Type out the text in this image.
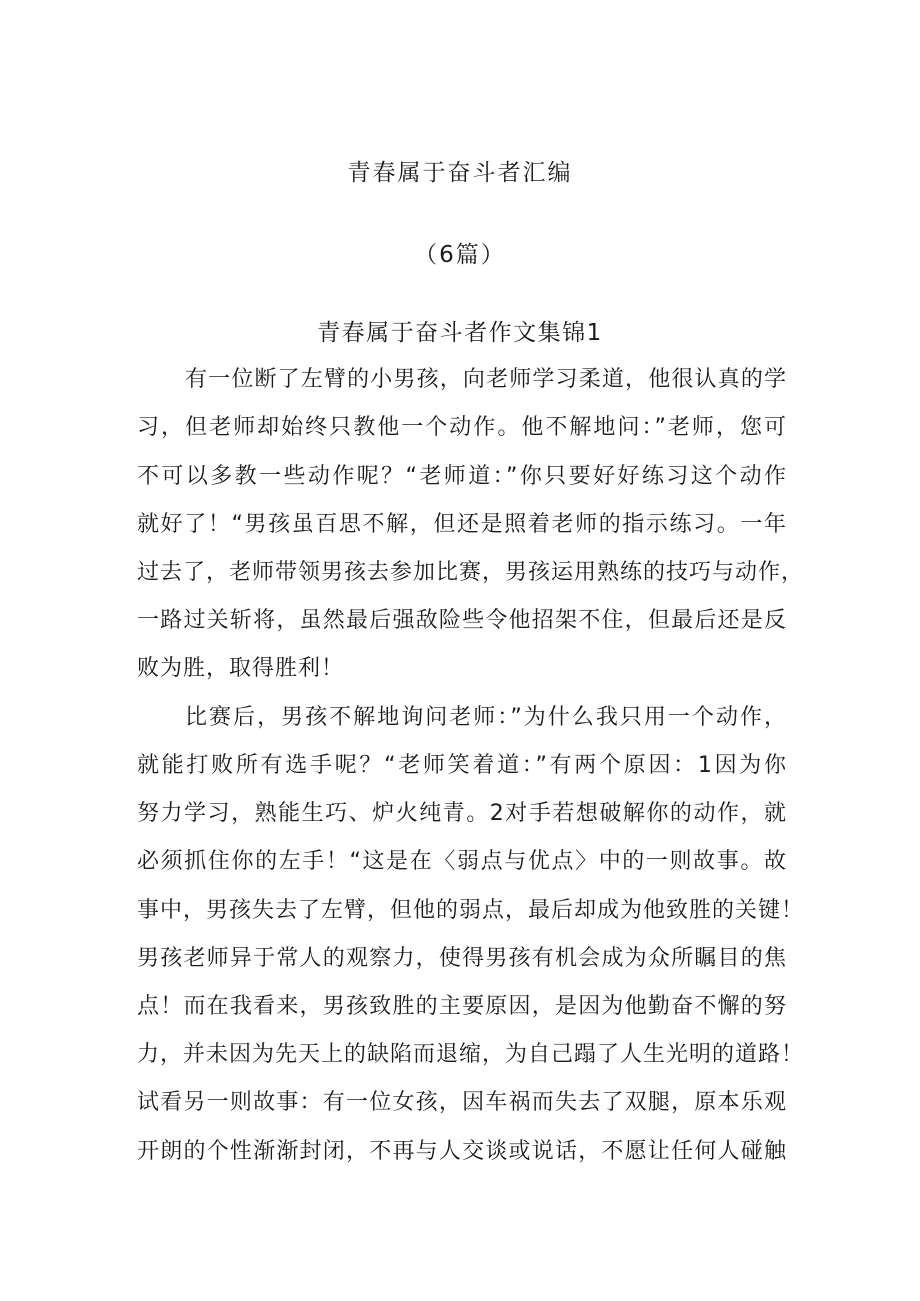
青春属于奋斗者汇编
（6篇）
青春属于奋斗者作文集锦1

有一位断了左臂的小男孩，向老师学习柔道，他很认真的学

习，但老师却始终只教他一个动作。他不解地问：”老师，您可

不可以多教一些动作呢？“老师道：”你只要好好练习这个动作

就好了！“男孩虽百思不解，但还是照着老师的指示练习。一年

过去了，老师带领男孩去参加比赛，男孩运用熟练的技巧与动作，

一路过关斩将，虽然最后强敌险些令他招架不住，但最后还是反

败为胜，取得胜利！

比赛后，男孩不解地询问老师：”为什么我只用一个动作，

就能打败所有选手呢？“老师笑着道：”有两个原因：1因为你

努力学习，熟能生巧、炉火纯青。2对手若想破解你的动作，就

必须抓住你的左手！“这是在〈弱点与优点〉中的一则故事。故

事中，男孩失去了左臂，但他的弱点，最后却成为他致胜的关键！

男孩老师异于常人的观察力，使得男孩有机会成为众所瞩目的焦

点！而在我看来，男孩致胜的主要原因，是因为他勤奋不懈的努

力，并未因为先天上的缺陷而退缩，为自己蹋了人生光明的道路！

试看另一则故事：有一位女孩，因车祸而失去了双腿，原本乐观

开朗的个性渐渐封闭，不再与人交谈或说话，不愿让任何人碰触
